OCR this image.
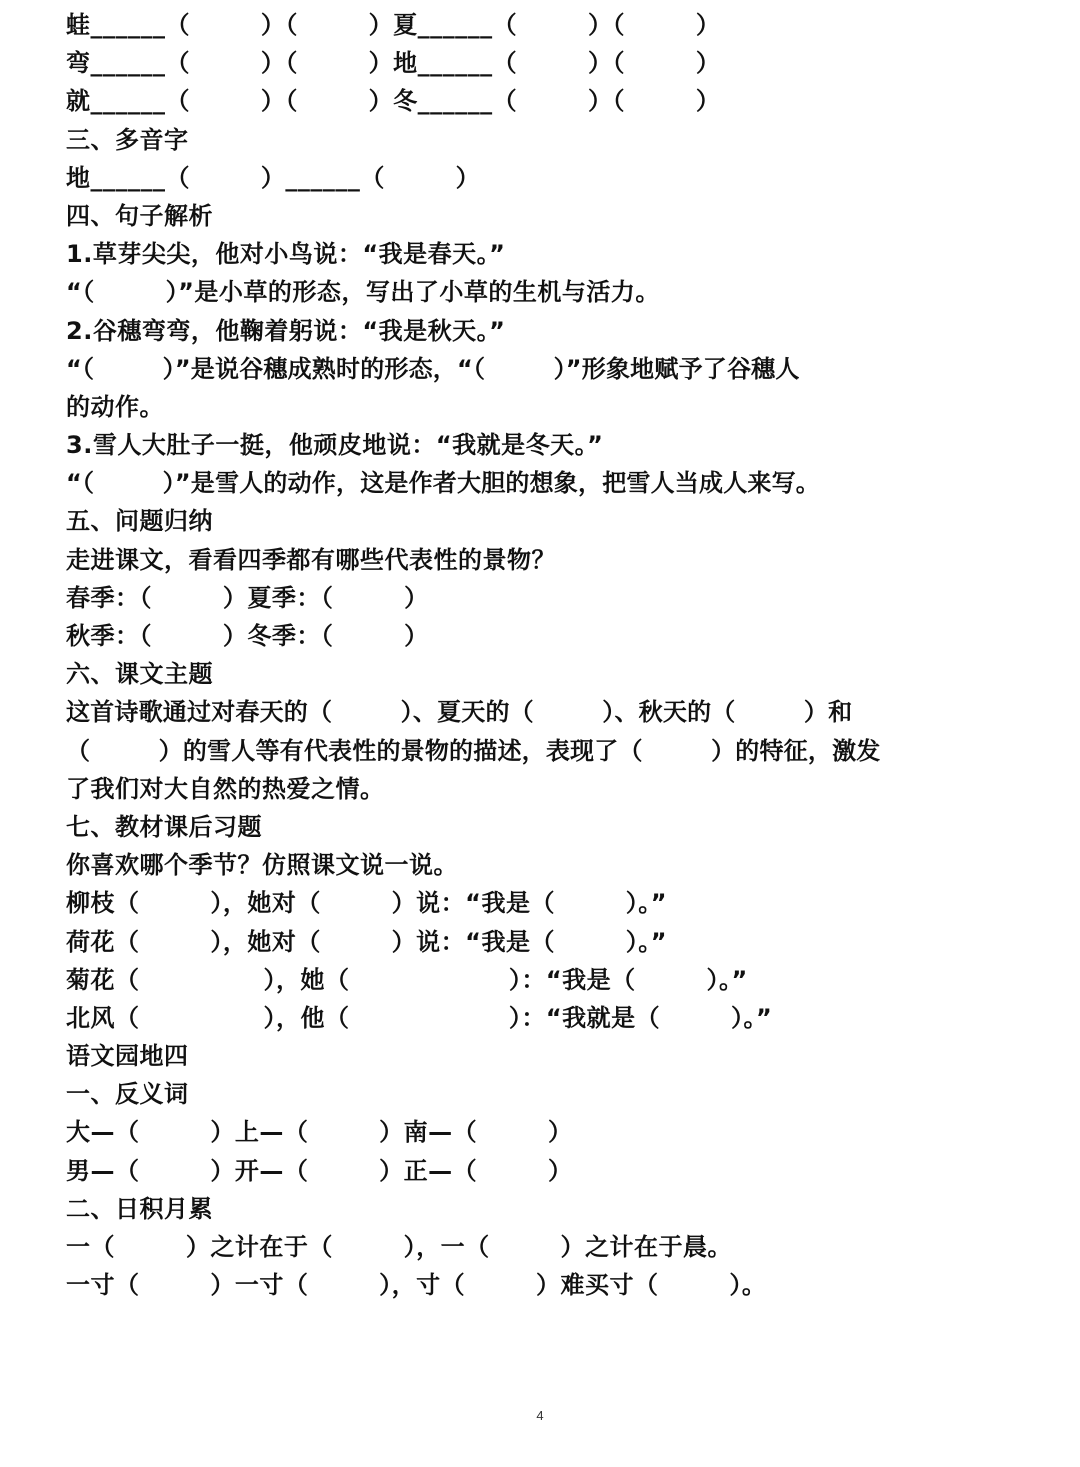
蛙______（        ）（        ）夏______（        ）（        ）
弯______（        ）（        ）地______（        ）（        ）
就______（        ）（        ）冬______（        ）（        ）
三、多音字
地______（        ）______（        ）
四、句子解析
1.草芽尖尖，他对小鸟说：“我是春天。”
“（        ）”是小草的形态，写出了小草的生机与活力。
2.谷穗弯弯，他鞠着躬说：“我是秋天。”
“（        ）”是说谷穗成熟时的形态，“（        ）”形象地赋予了谷穗人
的动作。
3.雪人大肚子一挺，他顽皮地说：“我就是冬天。”
“（        ）”是雪人的动作，这是作者大胆的想象，把雪人当成人来写。
五、问题归纳
走进课文，看看四季都有哪些代表性的景物？
春季：（        ）夏季：（        ）
秋季：（        ）冬季：（        ）
六、课文主题
这首诗歌通过对春天的（        ）、夏天的（        ）、秋天的（        ）和
（        ）的雪人等有代表性的景物的描述，表现了（        ）的特征，激发
了我们对大自然的热爱之情。
七、教材课后习题
你喜欢哪个季节？仿照课文说一说。
柳枝（        ），她对（        ）说：“我是（        ）。”
荷花（        ），她对（        ）说：“我是（        ）。”
菊花（              ），她（                  ）：“我是（        ）。”
北风（              ），他（                  ）：“我就是（        ）。”
语文园地四
一、反义词
大—（        ）上—（        ）南—（        ）
男—（        ）开—（        ）正—（        ）
二、日积月累
一（        ）之计在于（        ），一（        ）之计在于晨。
一寸（        ）一寸（        ），寸（        ）难买寸（        ）。
4
